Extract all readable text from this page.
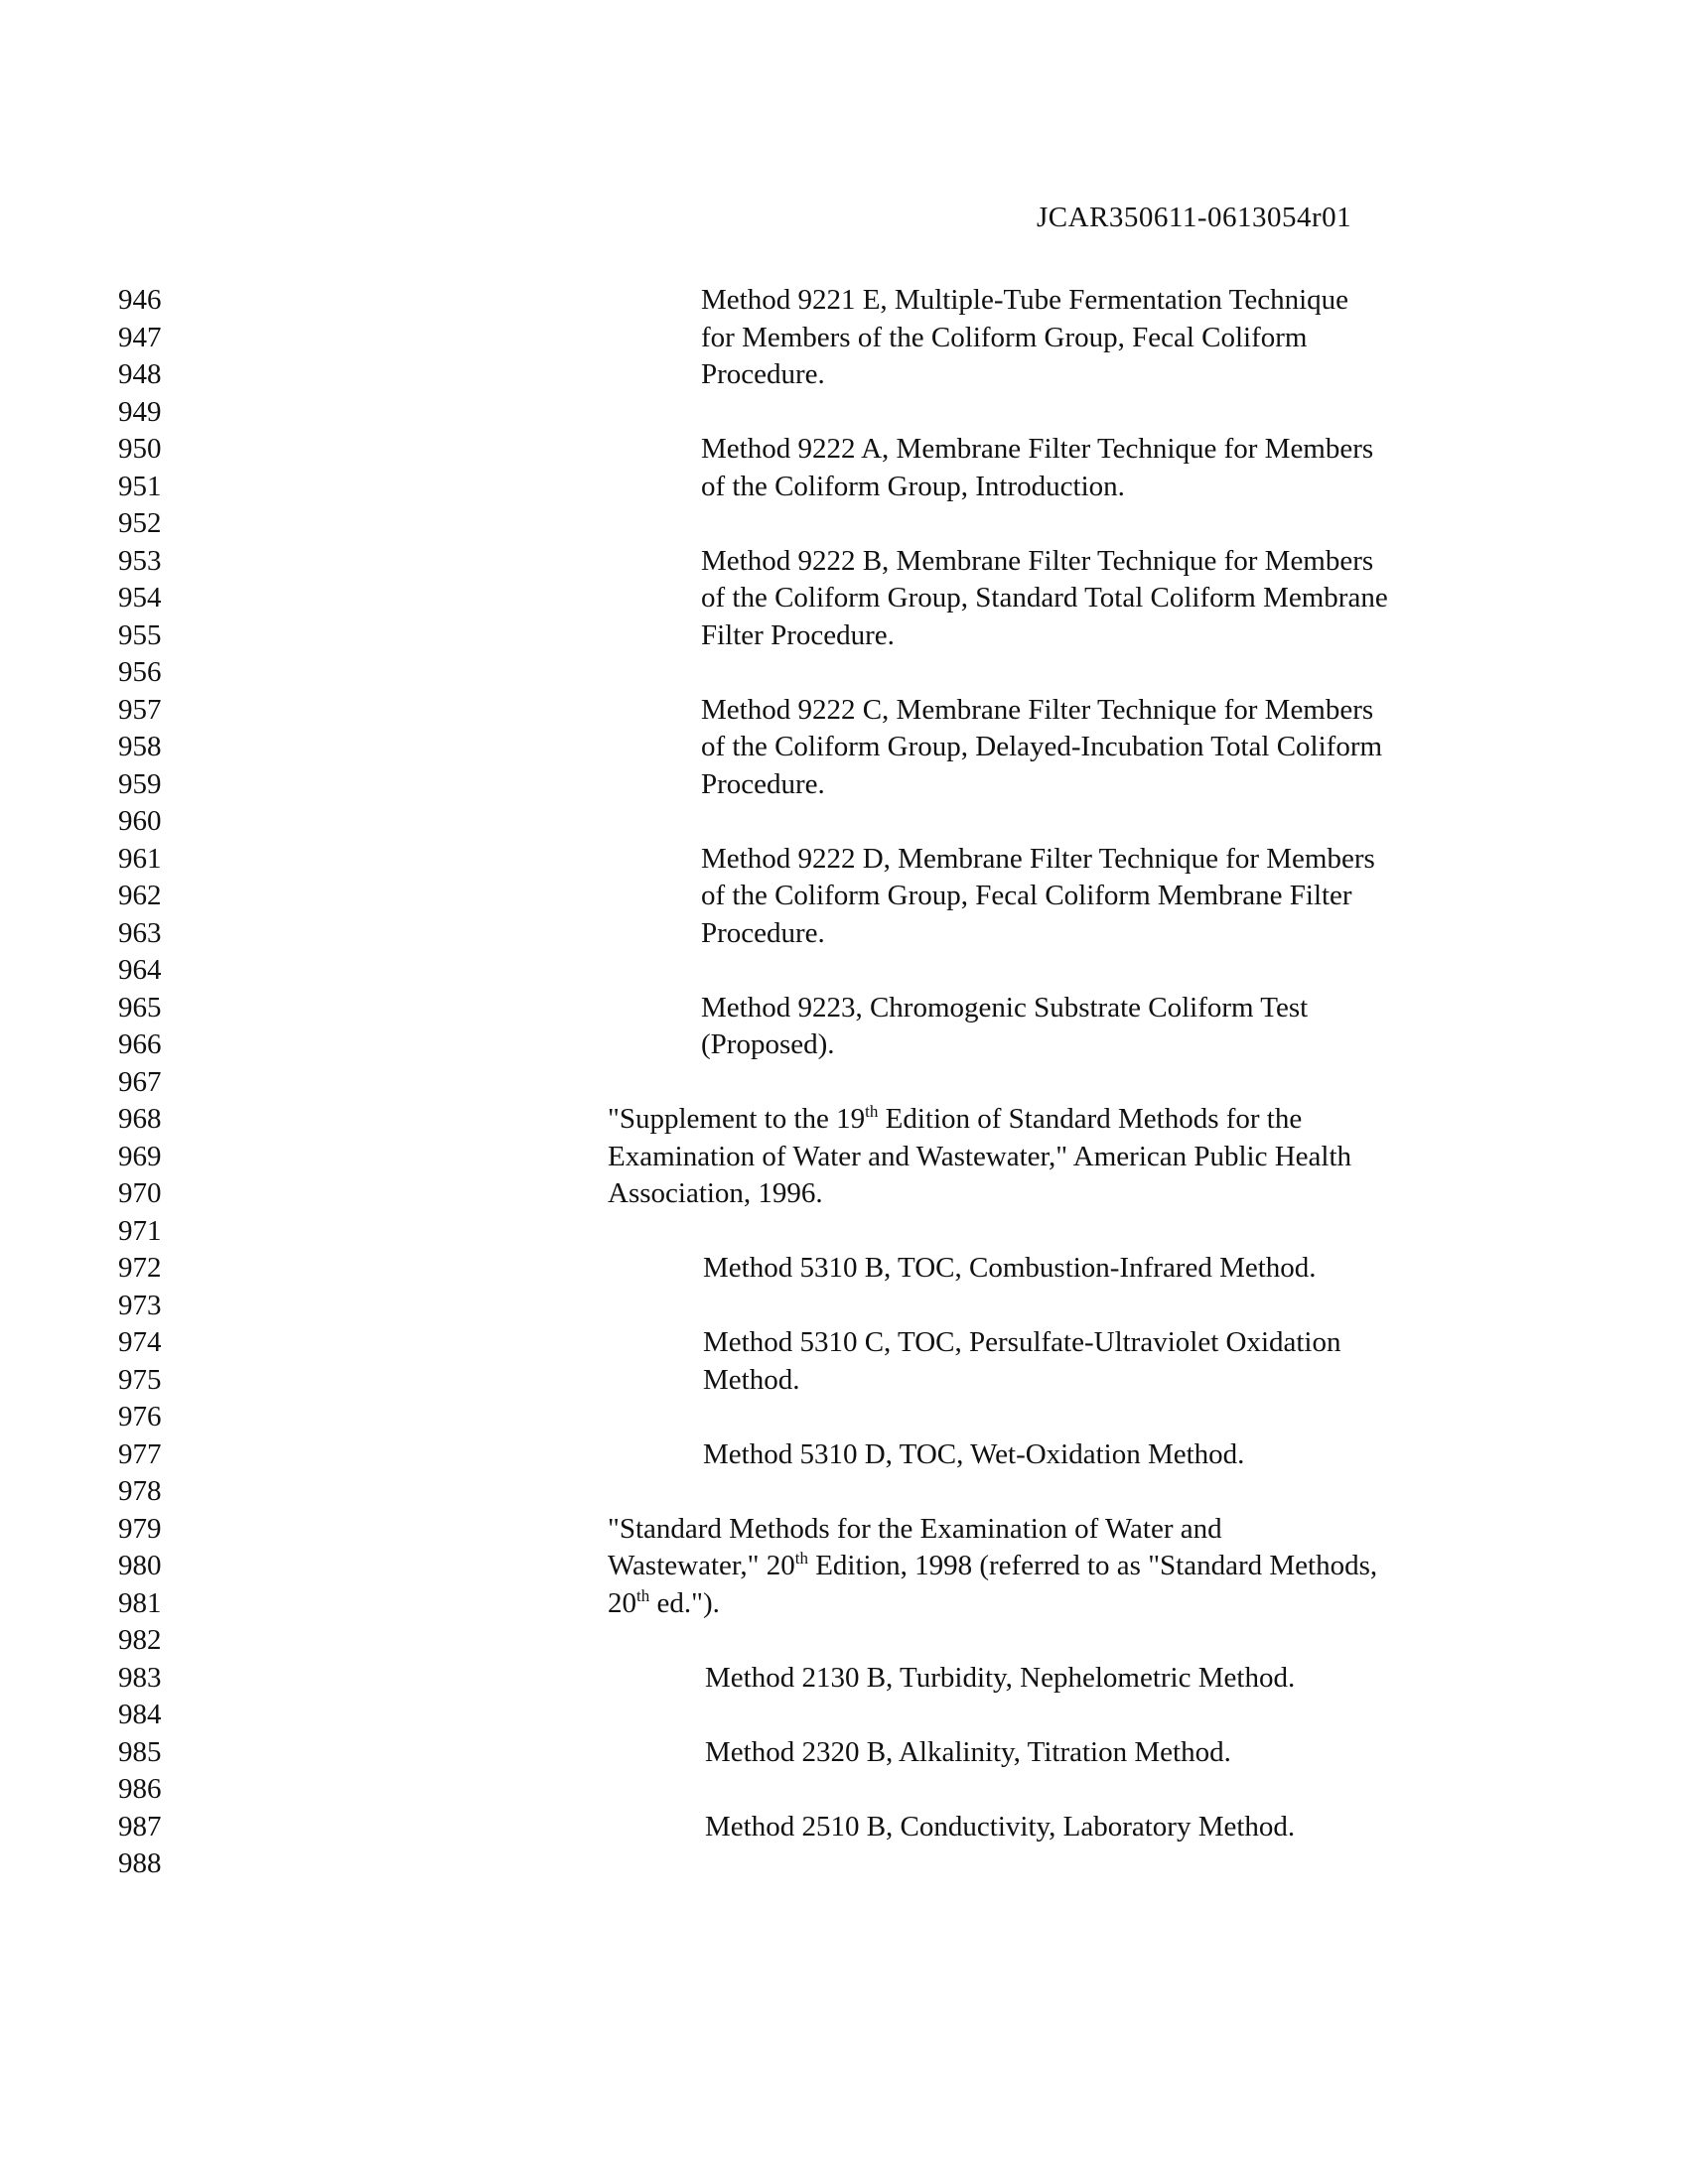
JCAR350611-0613054r01
946
947
948
949
950
951
952
953
954
955
956
957
958
959
960
961
962
963
964
965
966
967
968
969
970
971
972
973
974
975
976
977
978
979
980
981
982
983
984
985
986
987
988
Method 9221 E, Multiple-Tube Fermentation Technique
for Members of the Coliform Group, Fecal Coliform
Procedure.
Method 9222 A, Membrane Filter Technique for Members
of the Coliform Group, Introduction.
Method 9222 B, Membrane Filter Technique for Members
of the Coliform Group, Standard Total Coliform Membrane
Filter Procedure.
Method 9222 C, Membrane Filter Technique for Members
of the Coliform Group, Delayed-Incubation Total Coliform
Procedure.
Method 9222 D, Membrane Filter Technique for Members
of the Coliform Group, Fecal Coliform Membrane Filter
Procedure.
Method 9223, Chromogenic Substrate Coliform Test
(Proposed).
"Supplement to the 19th Edition of Standard Methods for the
Examination of Water and Wastewater," American Public Health
Association, 1996.
Method 5310 B, TOC, Combustion-Infrared Method.
Method 5310 C, TOC, Persulfate-Ultraviolet Oxidation
Method.
Method 5310 D, TOC, Wet-Oxidation Method.
"Standard Methods for the Examination of Water and
Wastewater," 20th Edition, 1998 (referred to as "Standard Methods,
20th ed.").
Method 2130 B, Turbidity, Nephelometric Method.
Method 2320 B, Alkalinity, Titration Method.
Method 2510 B, Conductivity, Laboratory Method.
